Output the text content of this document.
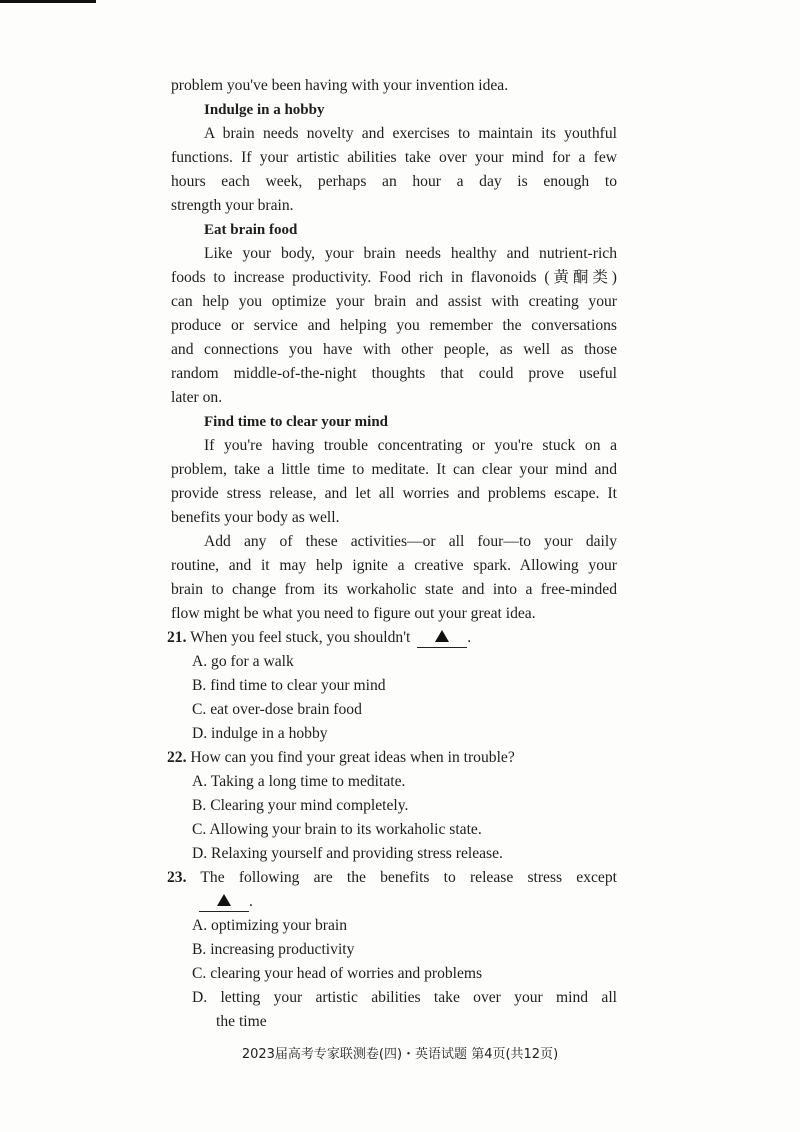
problem you've been having with your invention idea.
Indulge in a hobby
A brain needs novelty and exercises to maintain its youthful
functions. If your artistic abilities take over your mind for a few
hours each week, perhaps an hour a day is enough to
strength your brain.
Eat brain food
Like your body, your brain needs healthy and nutrient-rich
foods to increase productivity. Food rich in flavonoids (黄酮类)
can help you optimize your brain and assist with creating your
produce or service and helping you remember the conversations
and connections you have with other people, as well as those
random middle-of-the-night thoughts that could prove useful
later on.
Find time to clear your mind
If you're having trouble concentrating or you're stuck on a
problem, take a little time to meditate. It can clear your mind and
provide stress release, and let all worries and problems escape. It
benefits your body as well.
Add any of these activities—or all four—to your daily
routine, and it may help ignite a creative spark. Allowing your
brain to change from its workaholic state and into a free-minded
flow might be what you need to figure out your great idea.
21. When you feel stuck, you shouldn't	.
A. go for a walk
B. find time to clear your mind
C. eat over-dose brain food
D. indulge in a hobby
22. How can you find your great ideas when in trouble?
A. Taking a long time to meditate.
B. Clearing your mind completely.
C. Allowing your brain to its workaholic state.
D. Relaxing yourself and providing stress release.
23. The following are the benefits to release stress except
.
A. optimizing your brain
B. increasing productivity
C. clearing your head of worries and problems
D. letting your artistic abilities take over your mind all
the time
2023届高考专家联测卷(四)・英语试题 第4页(共12页)
